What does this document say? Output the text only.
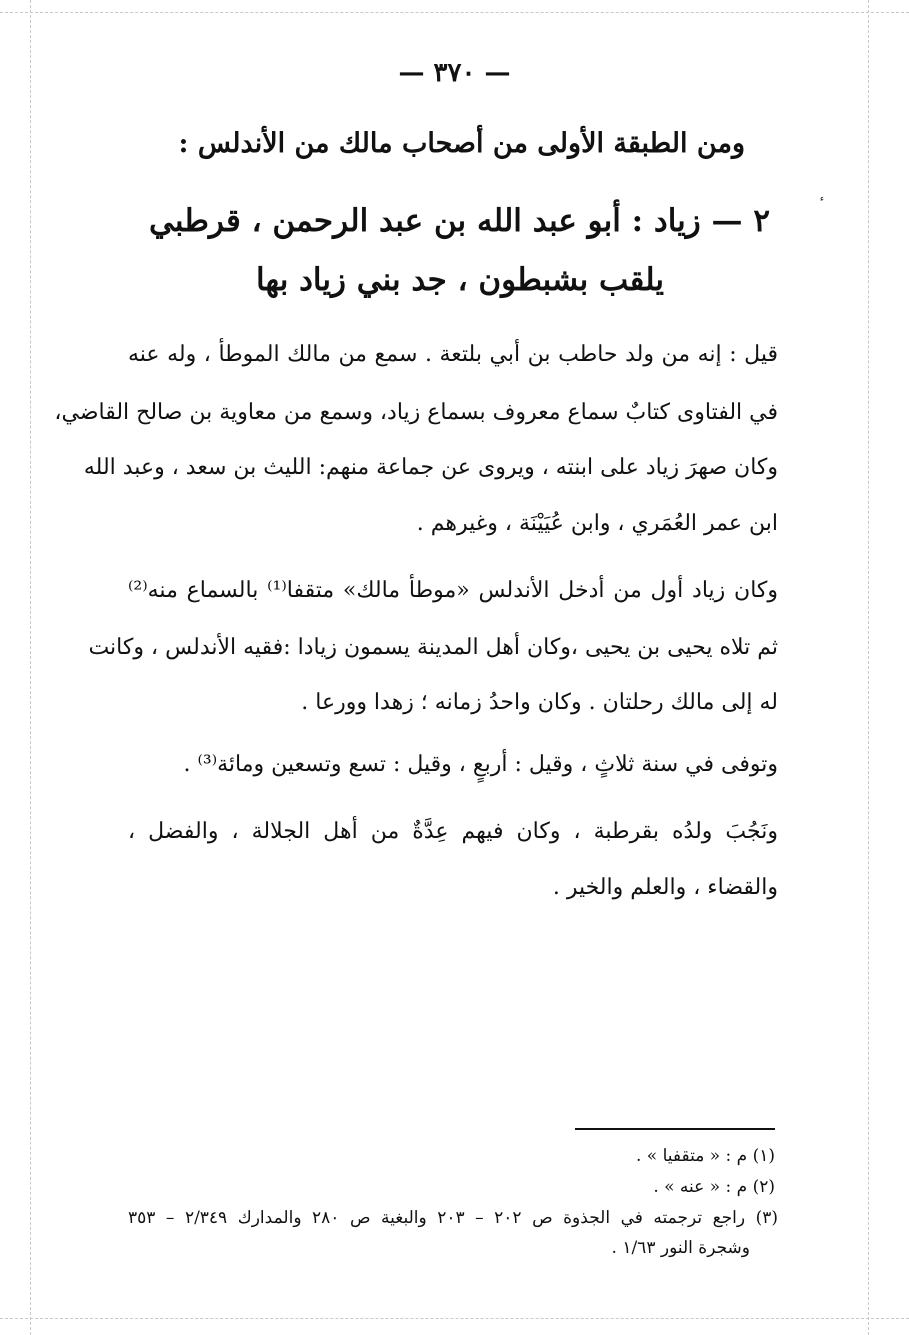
— ٣٧٠ —
ومن الطبقة الأولى من أصحاب مالك من الأندلس :
٢ — زياد : أبو عبد الله بن عبد الرحمن ، قرطبي
يلقب بشبطون ، جد بني زياد بها
قيل : إنه من ولد حاطب بن أبي بلتعة . سمع من مالك الموطأ ، وله عنه
في الفتاوى كتابٌ سماع معروف بسماع زياد، وسمع من معاوية بن صالح القاضي،
وكان صهرَ زياد على ابنته ، ويروى عن جماعة منهم: الليث بن سعد ، وعبد الله
ابن عمر العُمَري ، وابن عُيَيْنَة ، وغيرهم .
وكان زياد أول من أدخل الأندلس «موطأ مالك» متقفا⁽¹⁾ بالسماع منه⁽²⁾
ثم تلاه يحيى بن يحيى ،وكان أهل المدينة يسمون زيادا :فقيه الأندلس ، وكانت
له إلى مالك رحلتان . وكان واحدُ زمانه ؛ زهدا وورعا .
وتوفى في سنة ثلاثٍ ، وقيل : أربعٍ ، وقيل : تسع وتسعين ومائة⁽³⁾ .
ونَجُبَ ولدُه بقرطبة ، وكان فيهم عِدَّةٌ من أهل الجلالة ، والفضل ،
والقضاء ، والعلم والخير .
(١) م : « متقفيا » .
(٢) م : « عنه » .
(٣) راجع ترجمته في الجذوة ص ٢٠٢ – ٢٠٣ والبغية ص ٢٨٠ والمدارك ٢/٣٤٩ – ٣٥٣
وشجرة النور ١/٦٣ .
